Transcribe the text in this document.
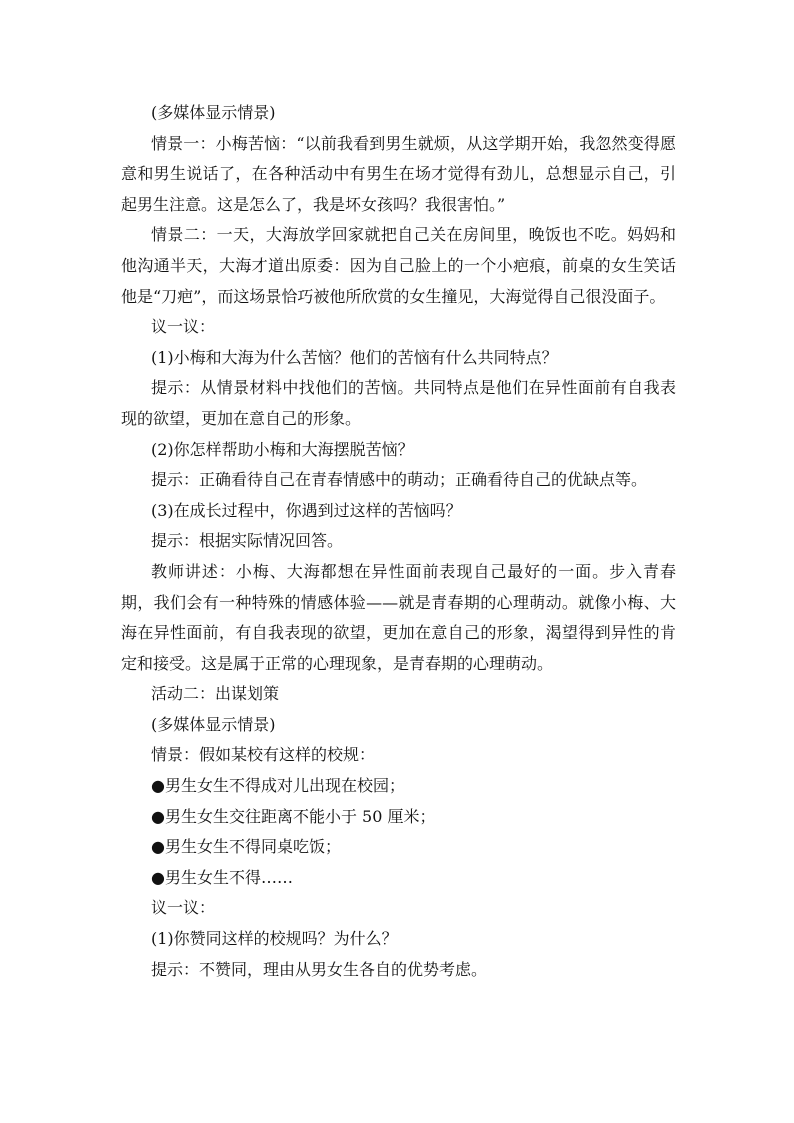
(多媒体显示情景)

情景一：小梅苦恼：“以前我看到男生就烦，从这学期开始，我忽然变得愿意和男生说话了，在各种活动中有男生在场才觉得有劲儿，总想显示自己，引起男生注意。这是怎么了，我是坏女孩吗？我很害怕。”

情景二：一天，大海放学回家就把自己关在房间里，晚饭也不吃。妈妈和他沟通半天，大海才道出原委：因为自己脸上的一个小疤痕，前桌的女生笑话他是“刀疤”，而这场景恰巧被他所欣赏的女生撞见，大海觉得自己很没面子。

议一议：

(1)小梅和大海为什么苦恼？他们的苦恼有什么共同特点？

提示：从情景材料中找他们的苦恼。共同特点是他们在异性面前有自我表现的欲望，更加在意自己的形象。

(2)你怎样帮助小梅和大海摆脱苦恼？

提示：正确看待自己在青春情感中的萌动；正确看待自己的优缺点等。

(3)在成长过程中，你遇到过这样的苦恼吗？

提示：根据实际情况回答。

教师讲述：小梅、大海都想在异性面前表现自己最好的一面。步入青春期，我们会有一种特殊的情感体验——就是青春期的心理萌动。就像小梅、大海在异性面前，有自我表现的欲望，更加在意自己的形象，渴望得到异性的肯定和接受。这是属于正常的心理现象，是青春期的心理萌动。

活动二：出谋划策

(多媒体显示情景)

情景：假如某校有这样的校规：

●男生女生不得成对儿出现在校园；

●男生女生交往距离不能小于 50 厘米；

●男生女生不得同桌吃饭；

●男生女生不得……

议一议：

(1)你赞同这样的校规吗？为什么？

提示：不赞同，理由从男女生各自的优势考虑。
